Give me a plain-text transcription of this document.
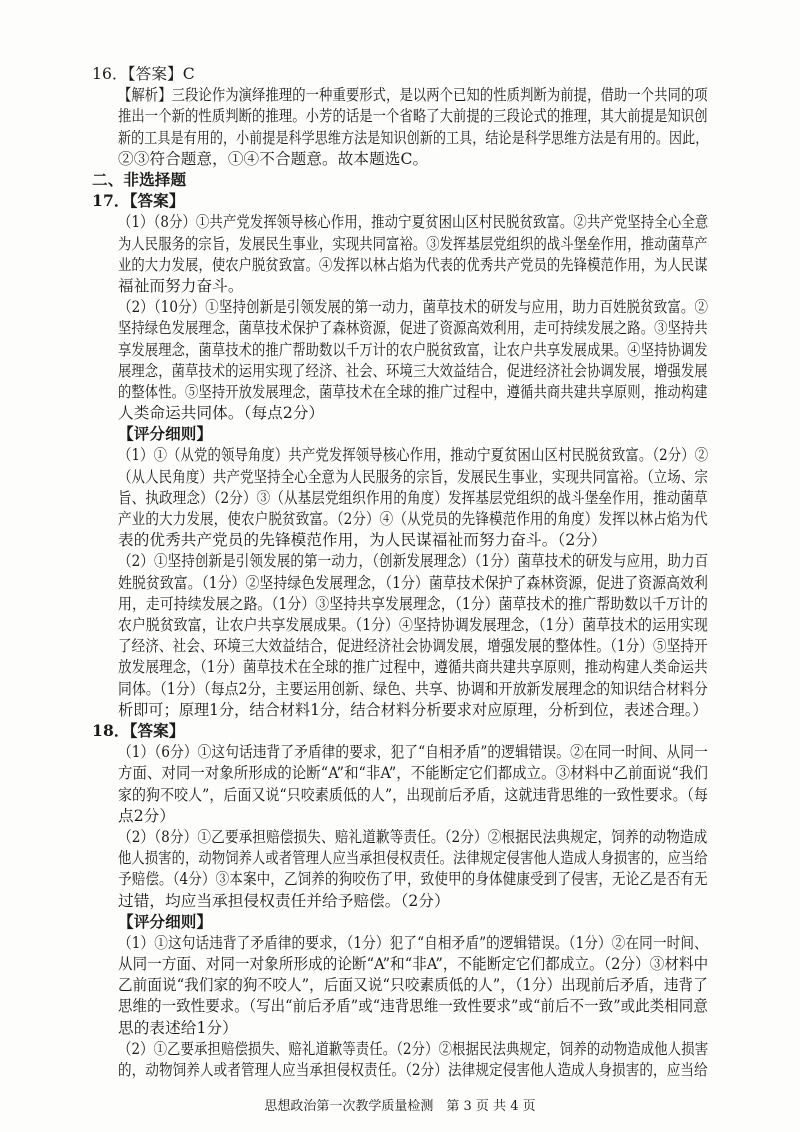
16．【答案】C
【解析】三段论作为演绎推理的一种重要形式，是以两个已知的性质判断为前提，借助一个共同的项
推出一个新的性质判断的推理。小芳的话是一个省略了大前提的三段论式的推理，其大前提是知识创
新的工具是有用的，小前提是科学思维方法是知识创新的工具，结论是科学思维方法是有用的。因此，
②③符合题意，①④不合题意。故本题选C。
二、非选择题
17．【答案】
（1）（8分）①共产党发挥领导核心作用，推动宁夏贫困山区村民脱贫致富。②共产党坚持全心全意
为人民服务的宗旨，发展民生事业，实现共同富裕。③发挥基层党组织的战斗堡垒作用，推动菌草产
业的大力发展，使农户脱贫致富。④发挥以林占焰为代表的优秀共产党员的先锋模范作用，为人民谋
福祉而努力奋斗。
（2）（10分）①坚持创新是引领发展的第一动力，菌草技术的研发与应用，助力百姓脱贫致富。②
坚持绿色发展理念，菌草技术保护了森林资源，促进了资源高效利用，走可持续发展之路。③坚持共
享发展理念，菌草技术的推广帮助数以千万计的农户脱贫致富，让农户共享发展成果。④坚持协调发
展理念，菌草技术的运用实现了经济、社会、环境三大效益结合，促进经济社会协调发展，增强发展
的整体性。⑤坚持开放发展理念，菌草技术在全球的推广过程中，遵循共商共建共享原则，推动构建
人类命运共同体。（每点2分）
【评分细则】
（1）①（从党的领导角度）共产党发挥领导核心作用，推动宁夏贫困山区村民脱贫致富。（2分）②
（从人民角度）共产党坚持全心全意为人民服务的宗旨，发展民生事业，实现共同富裕。（立场、宗
旨、执政理念）（2分）③（从基层党组织作用的角度）发挥基层党组织的战斗堡垒作用，推动菌草
产业的大力发展，使农户脱贫致富。（2分）④（从党员的先锋模范作用的角度）发挥以林占焰为代
表的优秀共产党员的先锋模范作用，为人民谋福祉而努力奋斗。（2分）
（2）①坚持创新是引领发展的第一动力，（创新发展理念）（1分）菌草技术的研发与应用，助力百
姓脱贫致富。（1分）②坚持绿色发展理念，（1分）菌草技术保护了森林资源，促进了资源高效利
用，走可持续发展之路。（1分）③坚持共享发展理念，（1分）菌草技术的推广帮助数以千万计的
农户脱贫致富，让农户共享发展成果。（1分）④坚持协调发展理念，（1分）菌草技术的运用实现
了经济、社会、环境三大效益结合，促进经济社会协调发展，增强发展的整体性。（1分）⑤坚持开
放发展理念，（1分）菌草技术在全球的推广过程中，遵循共商共建共享原则，推动构建人类命运共
同体。（1分）（每点2分，主要运用创新、绿色、共享、协调和开放新发展理念的知识结合材料分
析即可；原理1分，结合材料1分，结合材料分析要求对应原理，分析到位，表述合理。）
18．【答案】
（1）（6分）①这句话违背了矛盾律的要求，犯了“自相矛盾”的逻辑错误。②在同一时间、从同一
方面、对同一对象所形成的论断“A”和“非A”，不能断定它们都成立。③材料中乙前面说“我们
家的狗不咬人”，后面又说“只咬素质低的人”，出现前后矛盾，这就违背思维的一致性要求。（每
点2分）
（2）（8分）①乙要承担赔偿损失、赔礼道歉等责任。（2分）②根据民法典规定，饲养的动物造成
他人损害的，动物饲养人或者管理人应当承担侵权责任。法律规定侵害他人造成人身损害的，应当给
予赔偿。（4分）③本案中，乙饲养的狗咬伤了甲，致使甲的身体健康受到了侵害，无论乙是否有无
过错，均应当承担侵权责任并给予赔偿。（2分）
【评分细则】
（1）①这句话违背了矛盾律的要求，（1分）犯了“自相矛盾”的逻辑错误。（1分）②在同一时间、
从同一方面、对同一对象所形成的论断“A”和“非A”，不能断定它们都成立。（2分）③材料中
乙前面说“我们家的狗不咬人”，后面又说“只咬素质低的人”，（1分）出现前后矛盾，违背了
思维的一致性要求。（写出“前后矛盾”或“违背思维一致性要求”或“前后不一致”或此类相同意
思的表述给1分）
（2）①乙要承担赔偿损失、赔礼道歉等责任。（2分）②根据民法典规定，饲养的动物造成他人损害
的，动物饲养人或者管理人应当承担侵权责任。（2分）法律规定侵害他人造成人身损害的，应当给
思想政治第一次教学质量检测　第 3 页 共 4 页
